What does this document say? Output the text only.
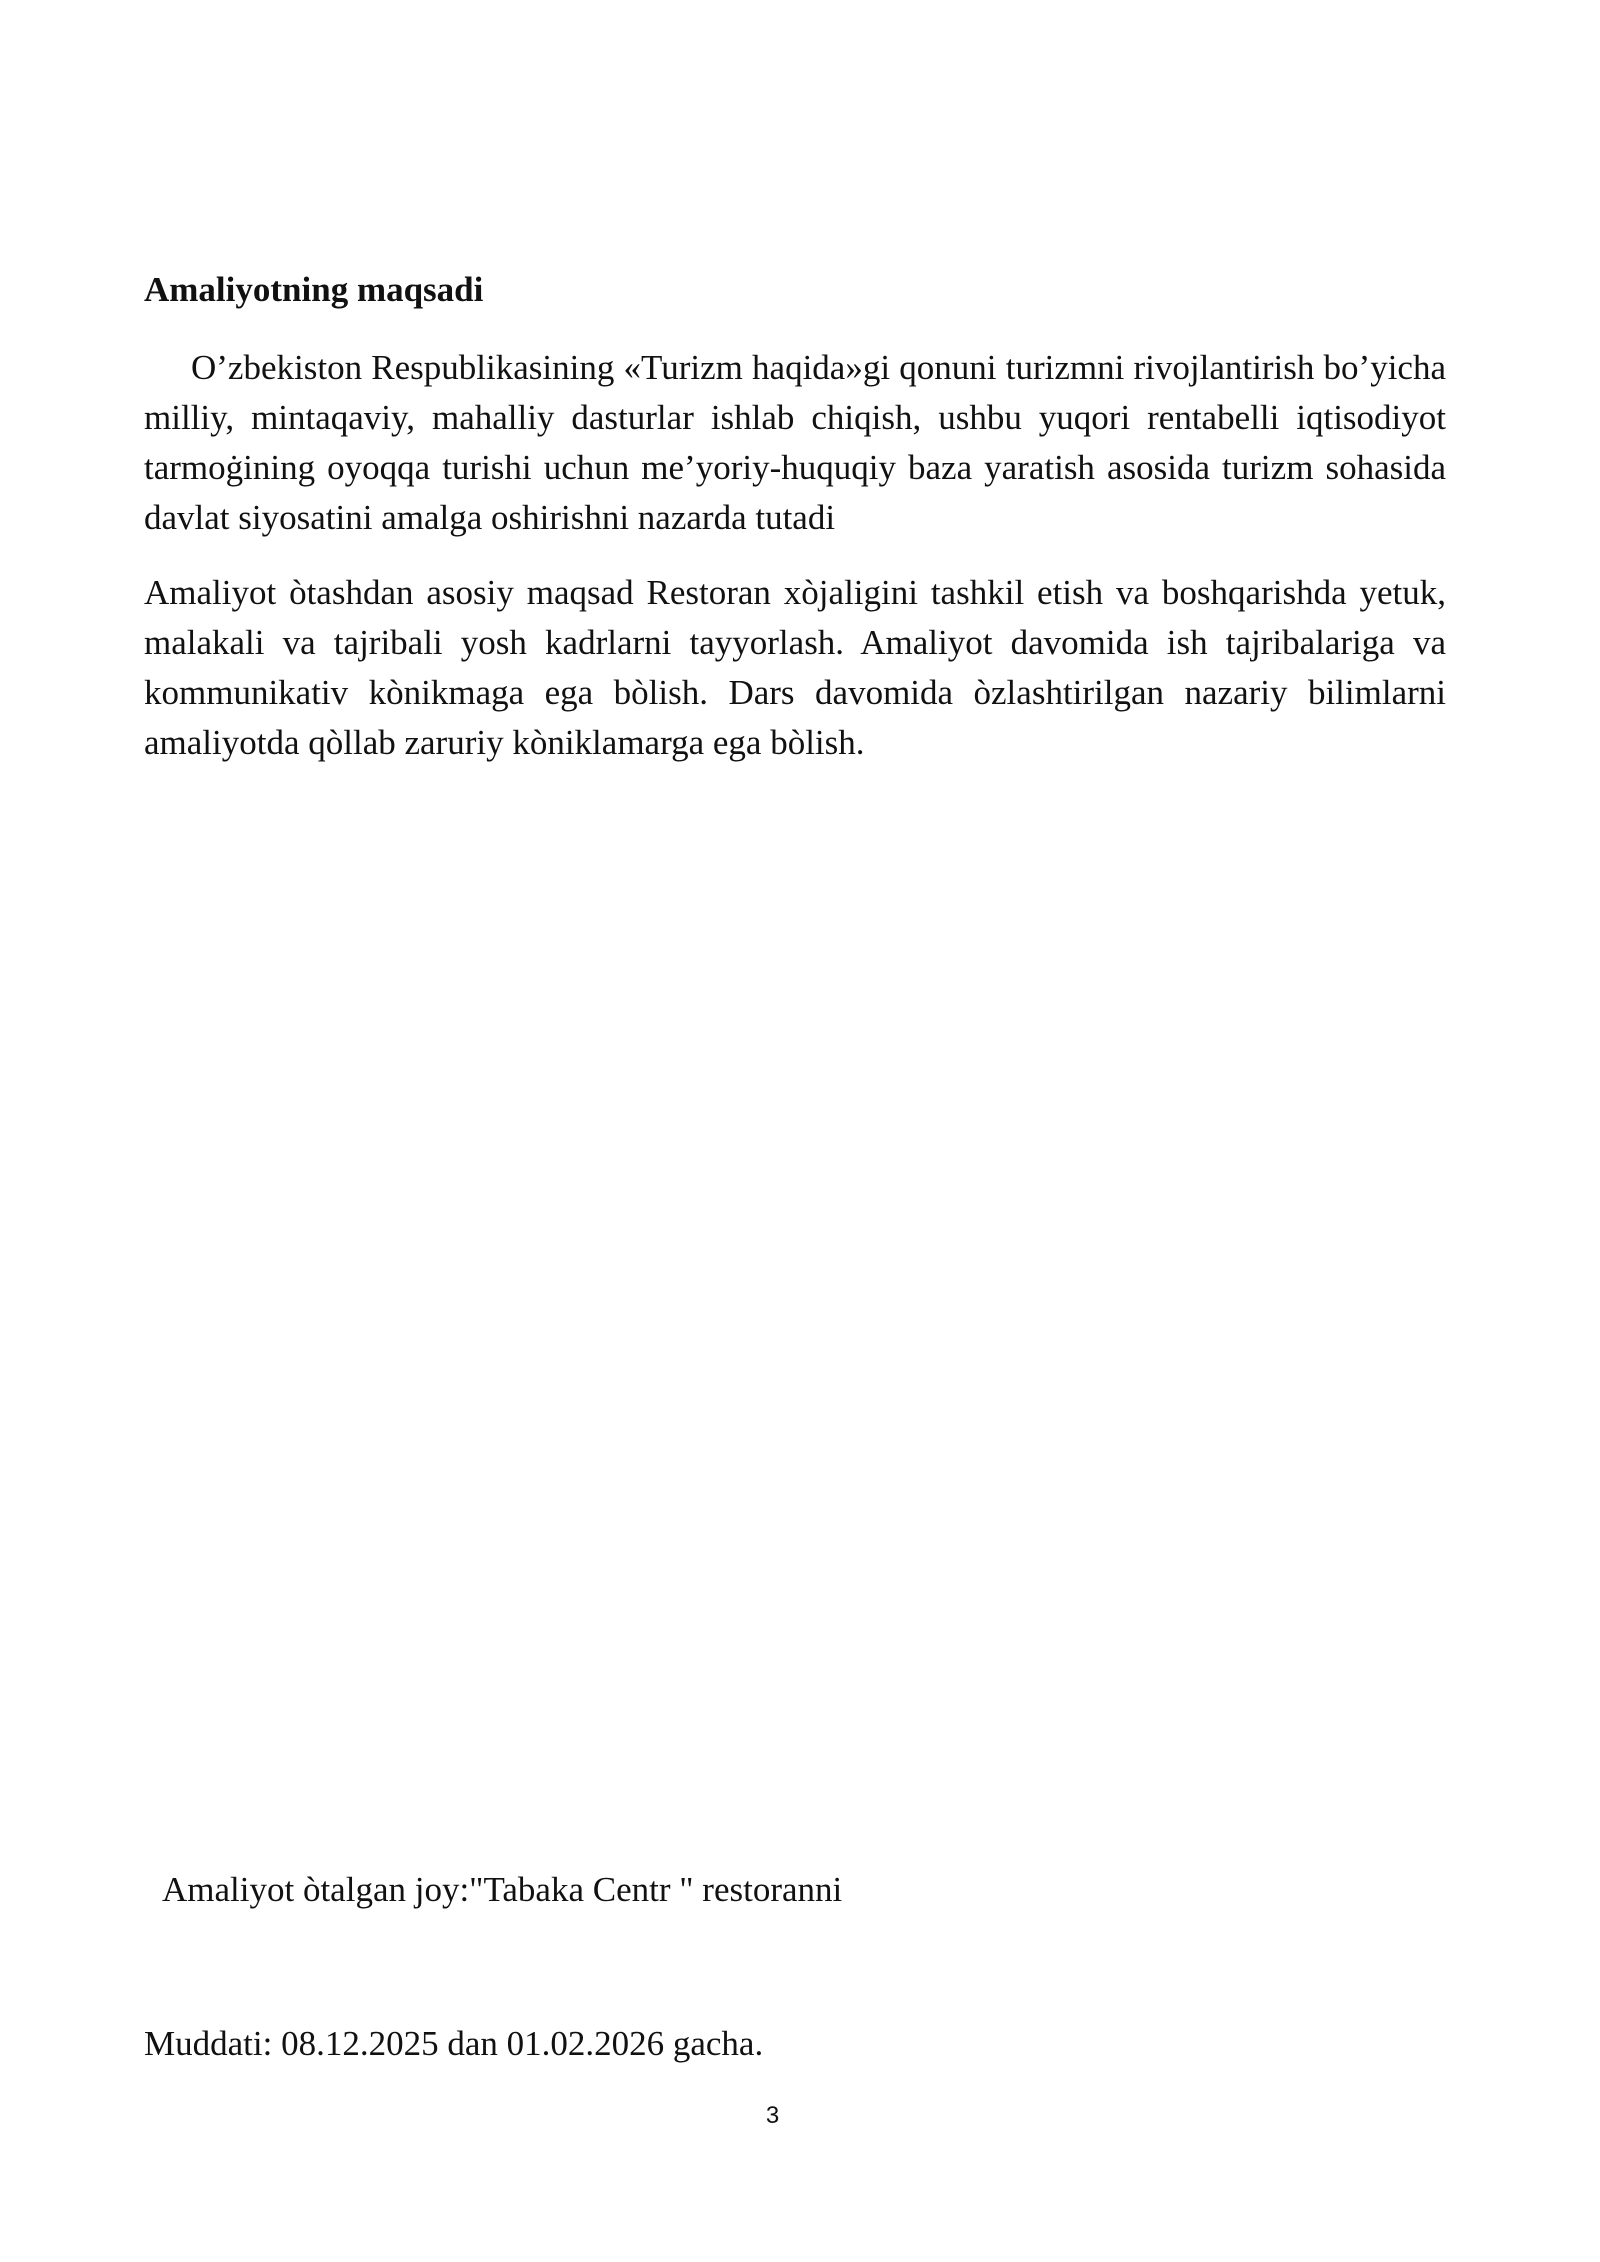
Amaliyotning maqsadi

O’zbekiston Respublikasining «Turizm haqida»gi qonuni turizmni rivojlantirish bo’yicha milliy, mintaqaviy, mahalliy dasturlar ishlab chiqish, ushbu yuqori rentabelli iqtisodiyot tarmoġining oyoqqa turishi uchun me’yoriy-huquqiy baza yaratish asosida turizm sohasida davlat siyosatini amalga oshirishni nazarda tutadi

Amaliyot òtashdan asosiy maqsad Restoran xòjaligini tashkil etish va boshqarishda yetuk, malakali va tajribali yosh kadrlarni tayyorlash. Amaliyot davomida ish tajribalariga va kommunikativ kònikmaga ega bòlish. Dars davomida òzlashtirilgan nazariy bilimlarni amaliyotda qòllab zaruriy kòniklamarga ega bòlish.

Amaliyot òtalgan joy:"Tabaka Centr " restoranni

Muddati: 08.12.2025 dan 01.02.2026 gacha.

3
